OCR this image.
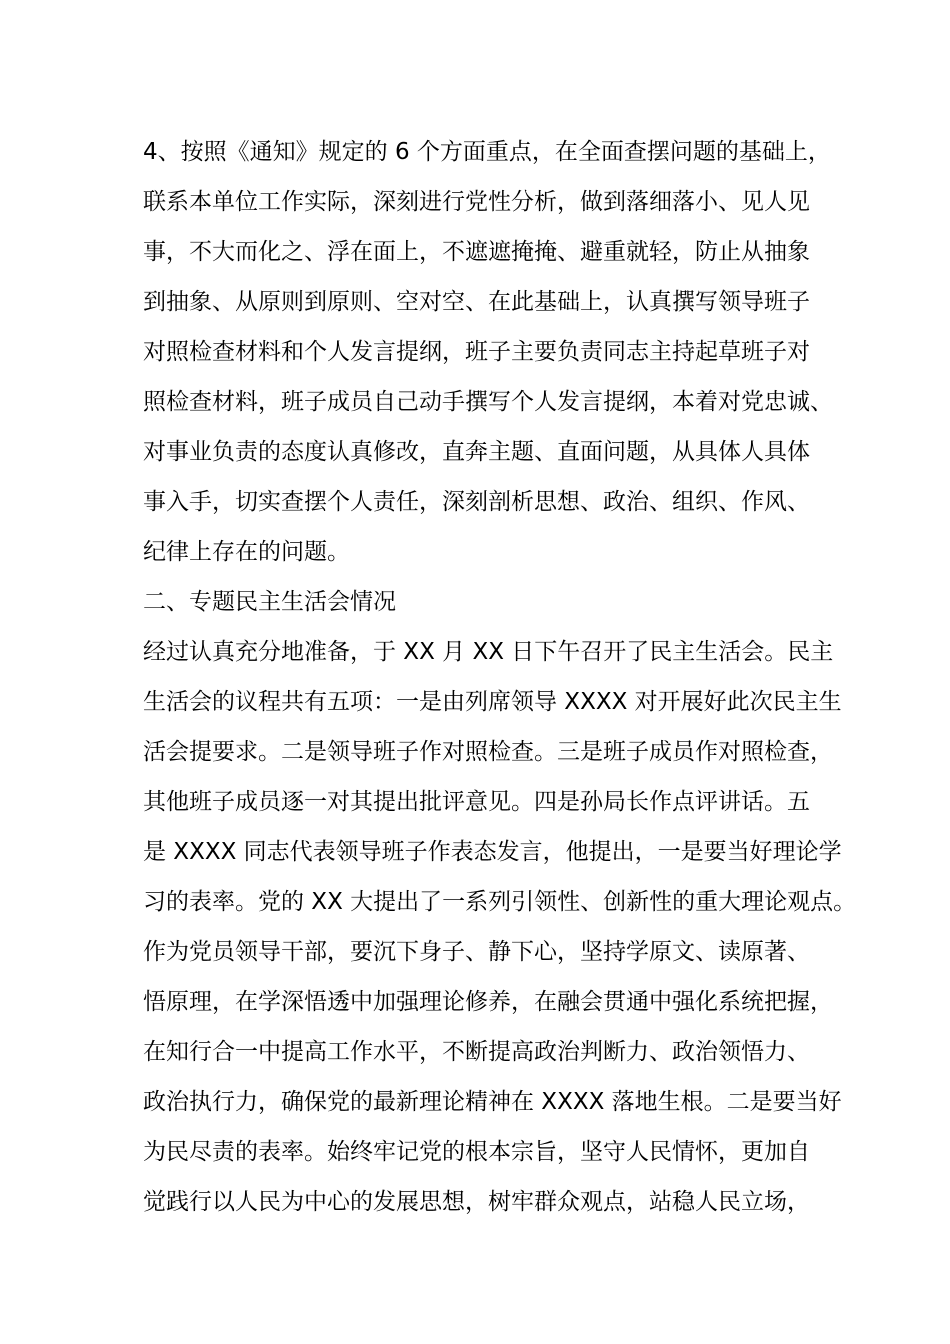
4、按照《通知》规定的 6 个方面重点，在全面查摆问题的基础上，

联系本单位工作实际，深刻进行党性分析，做到落细落小、见人见

事，不大而化之、浮在面上，不遮遮掩掩、避重就轻，防止从抽象

到抽象、从原则到原则、空对空、在此基础上，认真撰写领导班子

对照检查材料和个人发言提纲，班子主要负责同志主持起草班子对

照检查材料，班子成员自己动手撰写个人发言提纲，本着对党忠诚、

对事业负责的态度认真修改，直奔主题、直面问题，从具体人具体

事入手，切实查摆个人责任，深刻剖析思想、政治、组织、作风、

纪律上存在的问题。

二、专题民主生活会情况

经过认真充分地准备，于 XX 月 XX 日下午召开了民主生活会。民主

生活会的议程共有五项：一是由列席领导 XXXX 对开展好此次民主生

活会提要求。二是领导班子作对照检查。三是班子成员作对照检查，

其他班子成员逐一对其提出批评意见。四是孙局长作点评讲话。五

是 XXXX 同志代表领导班子作表态发言，他提出，一是要当好理论学

习的表率。党的 XX 大提出了一系列引领性、创新性的重大理论观点。

作为党员领导干部，要沉下身子、静下心，坚持学原文、读原著、

悟原理，在学深悟透中加强理论修养，在融会贯通中强化系统把握，

在知行合一中提高工作水平，不断提高政治判断力、政治领悟力、

政治执行力，确保党的最新理论精神在 XXXX 落地生根。二是要当好

为民尽责的表率。始终牢记党的根本宗旨，坚守人民情怀，更加自

觉践行以人民为中心的发展思想，树牢群众观点，站稳人民立场，
